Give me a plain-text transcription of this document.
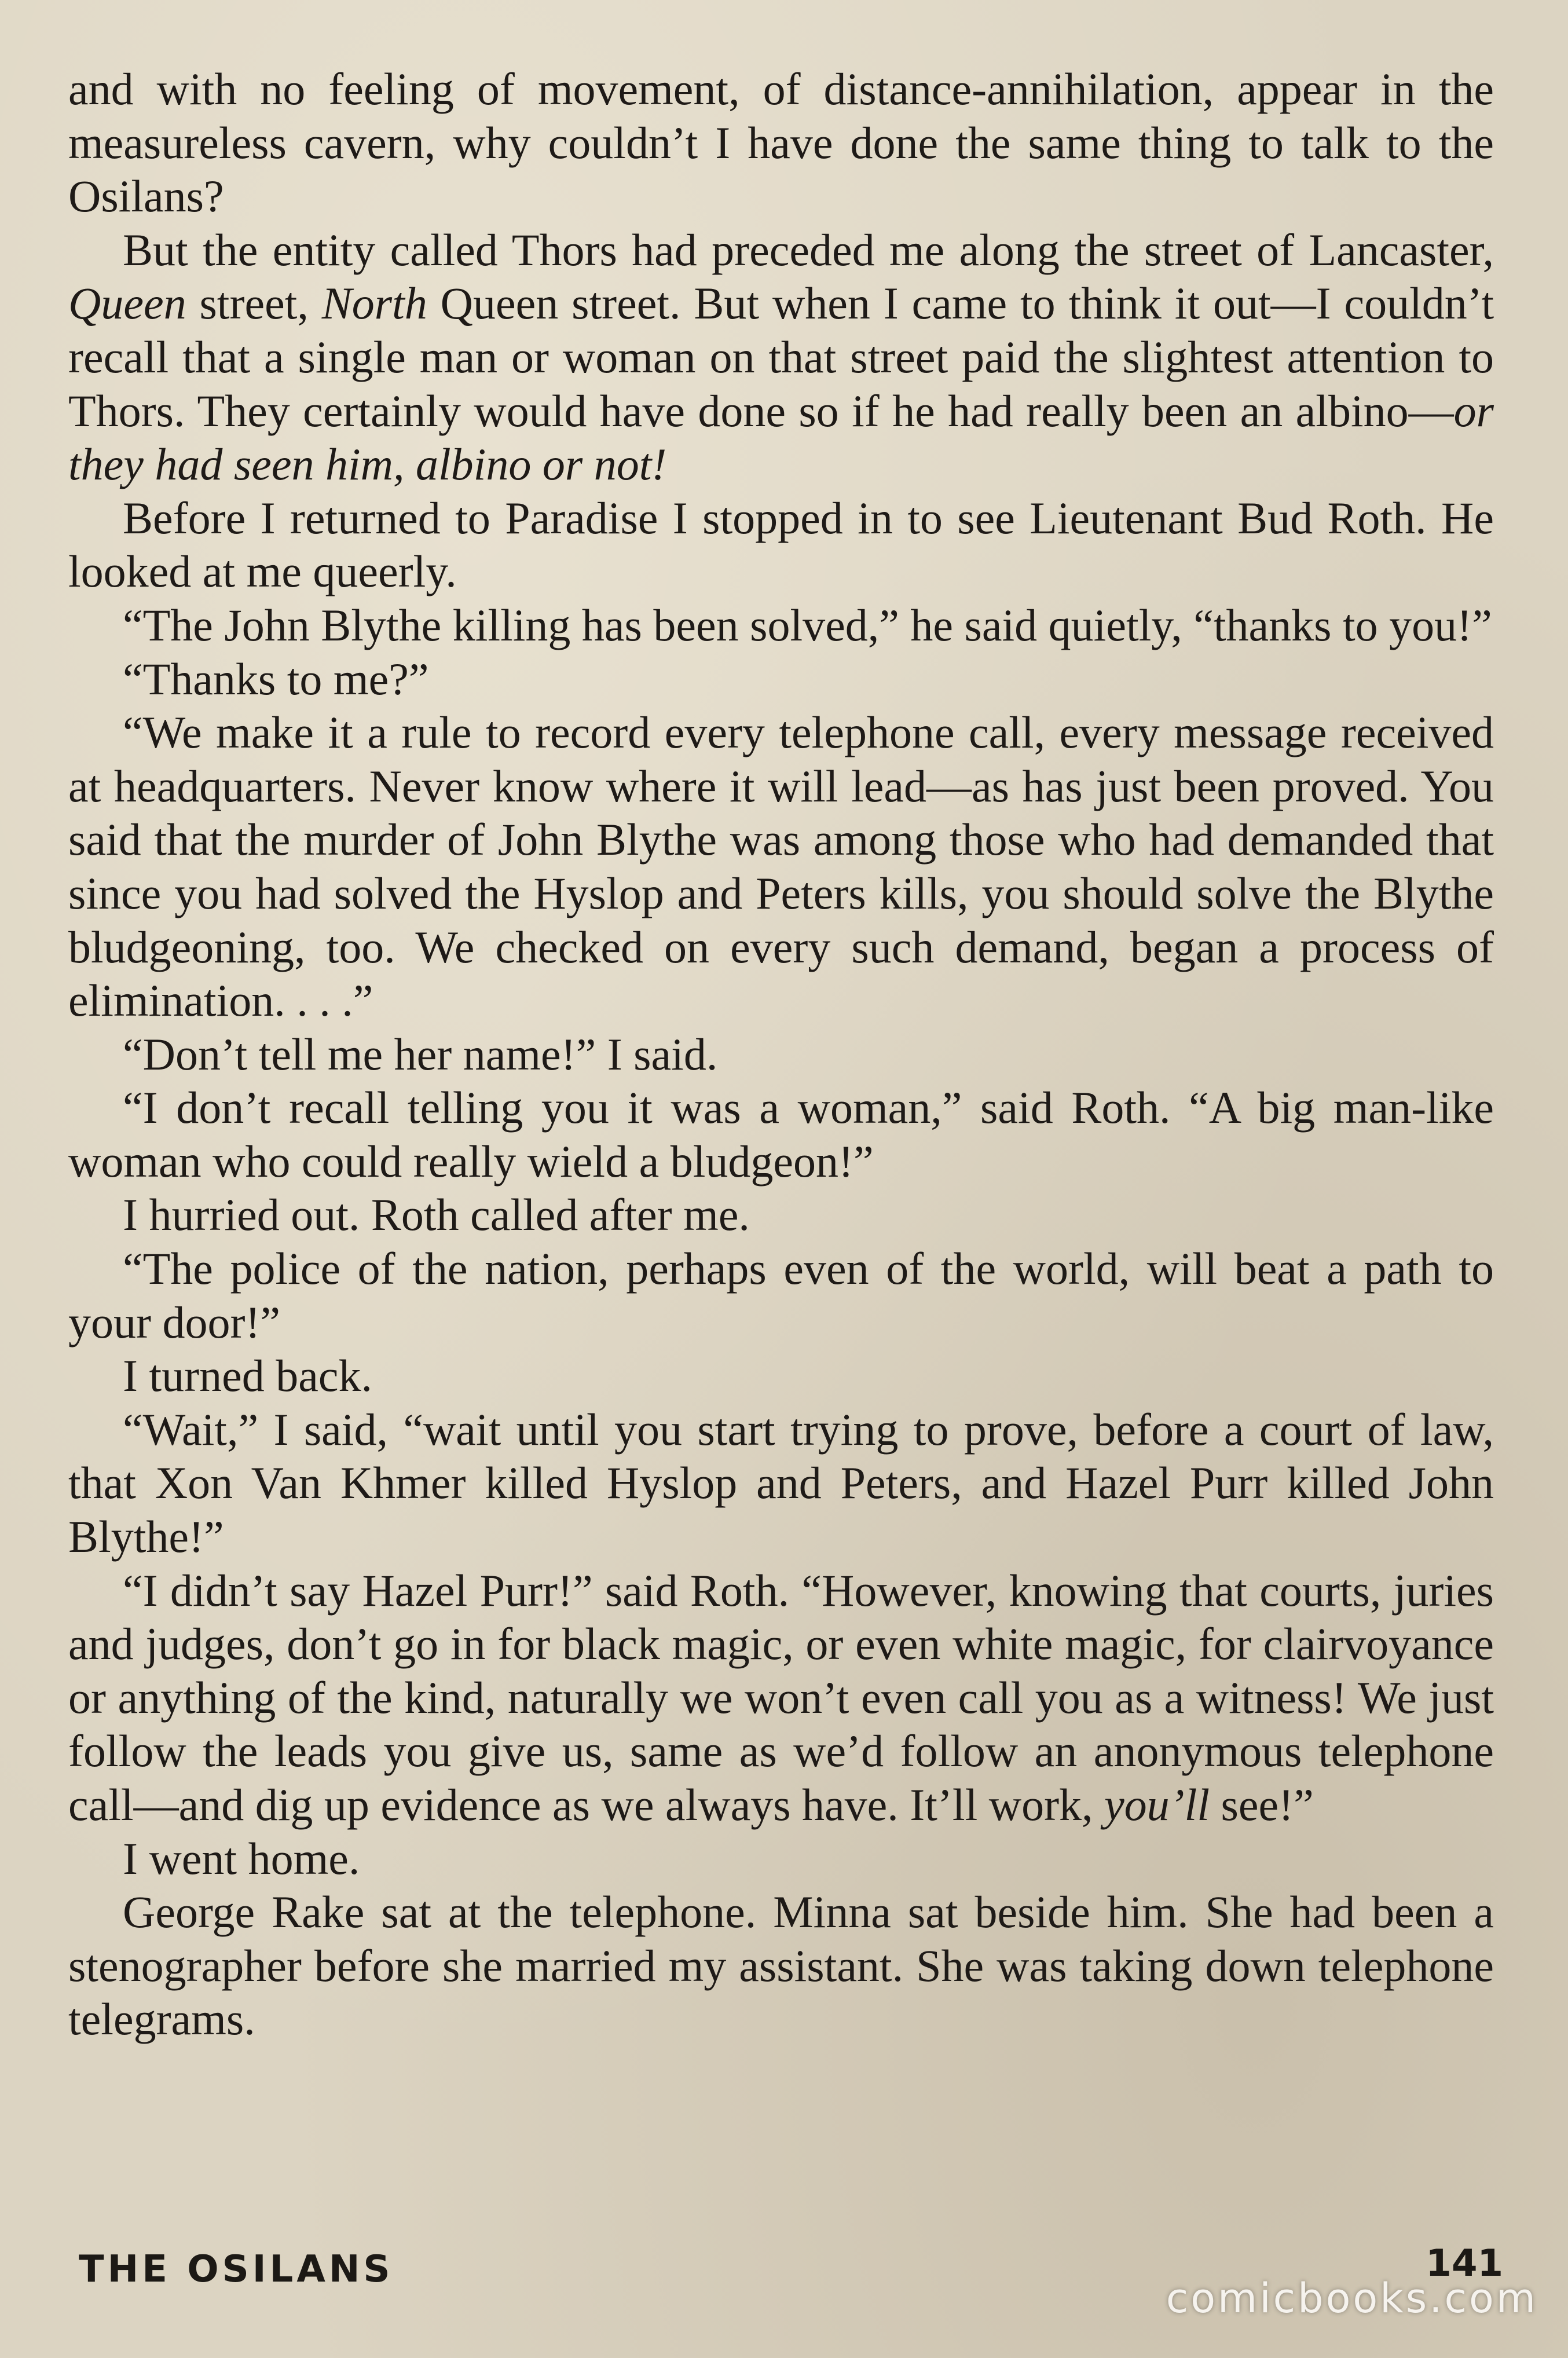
and with no feeling of movement, of distance-annihilation, appear in the measureless cavern, why couldn’t I have done the same thing to talk to the Osilans?

But the entity called Thors had preceded me along the street of Lancaster, Queen street, North Queen street. But when I came to think it out—I couldn’t recall that a single man or woman on that street paid the slightest attention to Thors. They certainly would have done so if he had really been an albino—or they had seen him, albino or not!

Before I returned to Paradise I stopped in to see Lieutenant Bud Roth. He looked at me queerly.

“The John Blythe killing has been solved,” he said quietly, “thanks to you!”

“Thanks to me?”

“We make it a rule to record every telephone call, every message received at headquarters. Never know where it will lead—as has just been proved. You said that the murder of John Blythe was among those who had demanded that since you had solved the Hyslop and Peters kills, you should solve the Blythe bludgeoning, too. We checked on every such demand, began a process of elimination. . . .”

“Don’t tell me her name!” I said.

“I don’t recall telling you it was a woman,” said Roth. “A big man-like woman who could really wield a bludgeon!”

I hurried out. Roth called after me.

“The police of the nation, perhaps even of the world, will beat a path to your door!”

I turned back.

“Wait,” I said, “wait until you start trying to prove, before a court of law, that Xon Van Khmer killed Hyslop and Peters, and Hazel Purr killed John Blythe!”

“I didn’t say Hazel Purr!” said Roth. “However, knowing that courts, juries and judges, don’t go in for black magic, or even white magic, for clairvoyance or anything of the kind, naturally we won’t even call you as a witness! We just follow the leads you give us, same as we’d follow an anonymous telephone call—and dig up evidence as we always have. It’ll work, you’ll see!”

I went home.

George Rake sat at the telephone. Minna sat beside him. She had been a stenographer before she married my assistant. She was taking down telephone telegrams.

THE OSILANS	141
comicbooks.com
